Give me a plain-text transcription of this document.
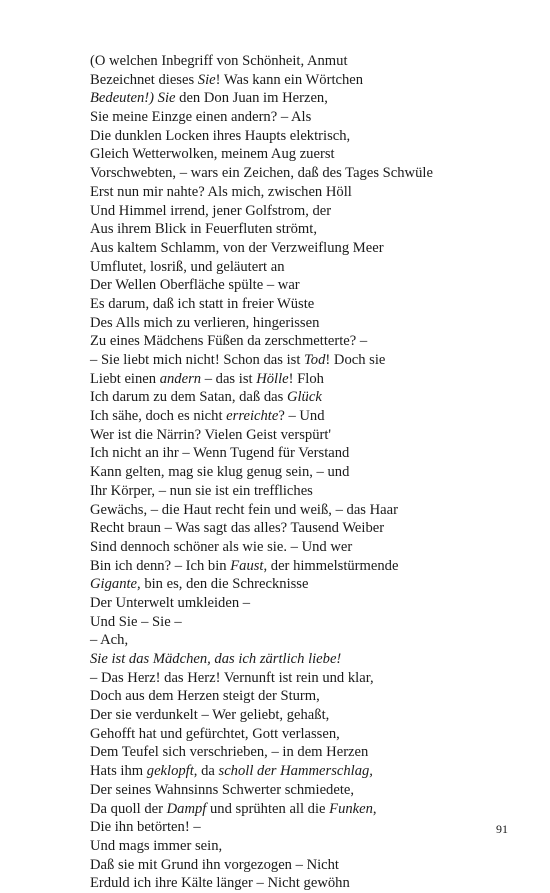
(O welchen Inbegriff von Schönheit, Anmut
Bezeichnet dieses Sie! Was kann ein Wörtchen
Bedeuten!) Sie den Don Juan im Herzen,
Sie meine Einzge einen andern? – Als
Die dunklen Locken ihres Haupts elektrisch,
Gleich Wetterwolken, meinem Aug zuerst
Vorschwebten, – wars ein Zeichen, daß des Tages Schwüle
Erst nun mir nahte? Als mich, zwischen Höll
Und Himmel irrend, jener Golfstrom, der
Aus ihrem Blick in Feuerfluten strömt,
Aus kaltem Schlamm, von der Verzweiflung Meer
Umflutet, losriß, und geläutert an
Der Wellen Oberfläche spülte – war
Es darum, daß ich statt in freier Wüste
Des Alls mich zu verlieren, hingerissen
Zu eines Mädchens Füßen da zerschmetterte? –
– Sie liebt mich nicht! Schon das ist Tod! Doch sie
Liebt einen andern – das ist Hölle! Floh
Ich darum zu dem Satan, daß das Glück
Ich sähe, doch es nicht erreichte? – Und
Wer ist die Närrin? Vielen Geist verspürt'
Ich nicht an ihr – Wenn Tugend für Verstand
Kann gelten, mag sie klug genug sein, – und
Ihr Körper, – nun sie ist ein treffliches
Gewächs, – die Haut recht fein und weiß, – das Haar
Recht braun – Was sagt das alles? Tausend Weiber
Sind dennoch schöner als wie sie. – Und wer
Bin ich denn? – Ich bin Faust, der himmelstürmende
Gigante, bin es, den die Schrecknisse
Der Unterwelt umkleiden –
Und Sie – Sie –
– Ach,
Sie ist das Mädchen, das ich zärtlich liebe!
– Das Herz! das Herz! Vernunft ist rein und klar,
Doch aus dem Herzen steigt der Sturm,
Der sie verdunkelt – Wer geliebt, gehaßt,
Gehofft hat und gefürchtet, Gott verlassen,
Dem Teufel sich verschrieben, – in dem Herzen
Hats ihm geklopft, da scholl der Hammerschlag,
Der seines Wahnsinns Schwerter schmiedete,
Da quoll der Dampf und sprühten all die Funken,
Die ihn betörten! –
Und mags immer sein,
Daß sie mit Grund ihn vorgezogen – Nicht
Erduld ich ihre Kälte länger – Nicht gewöhn
91
